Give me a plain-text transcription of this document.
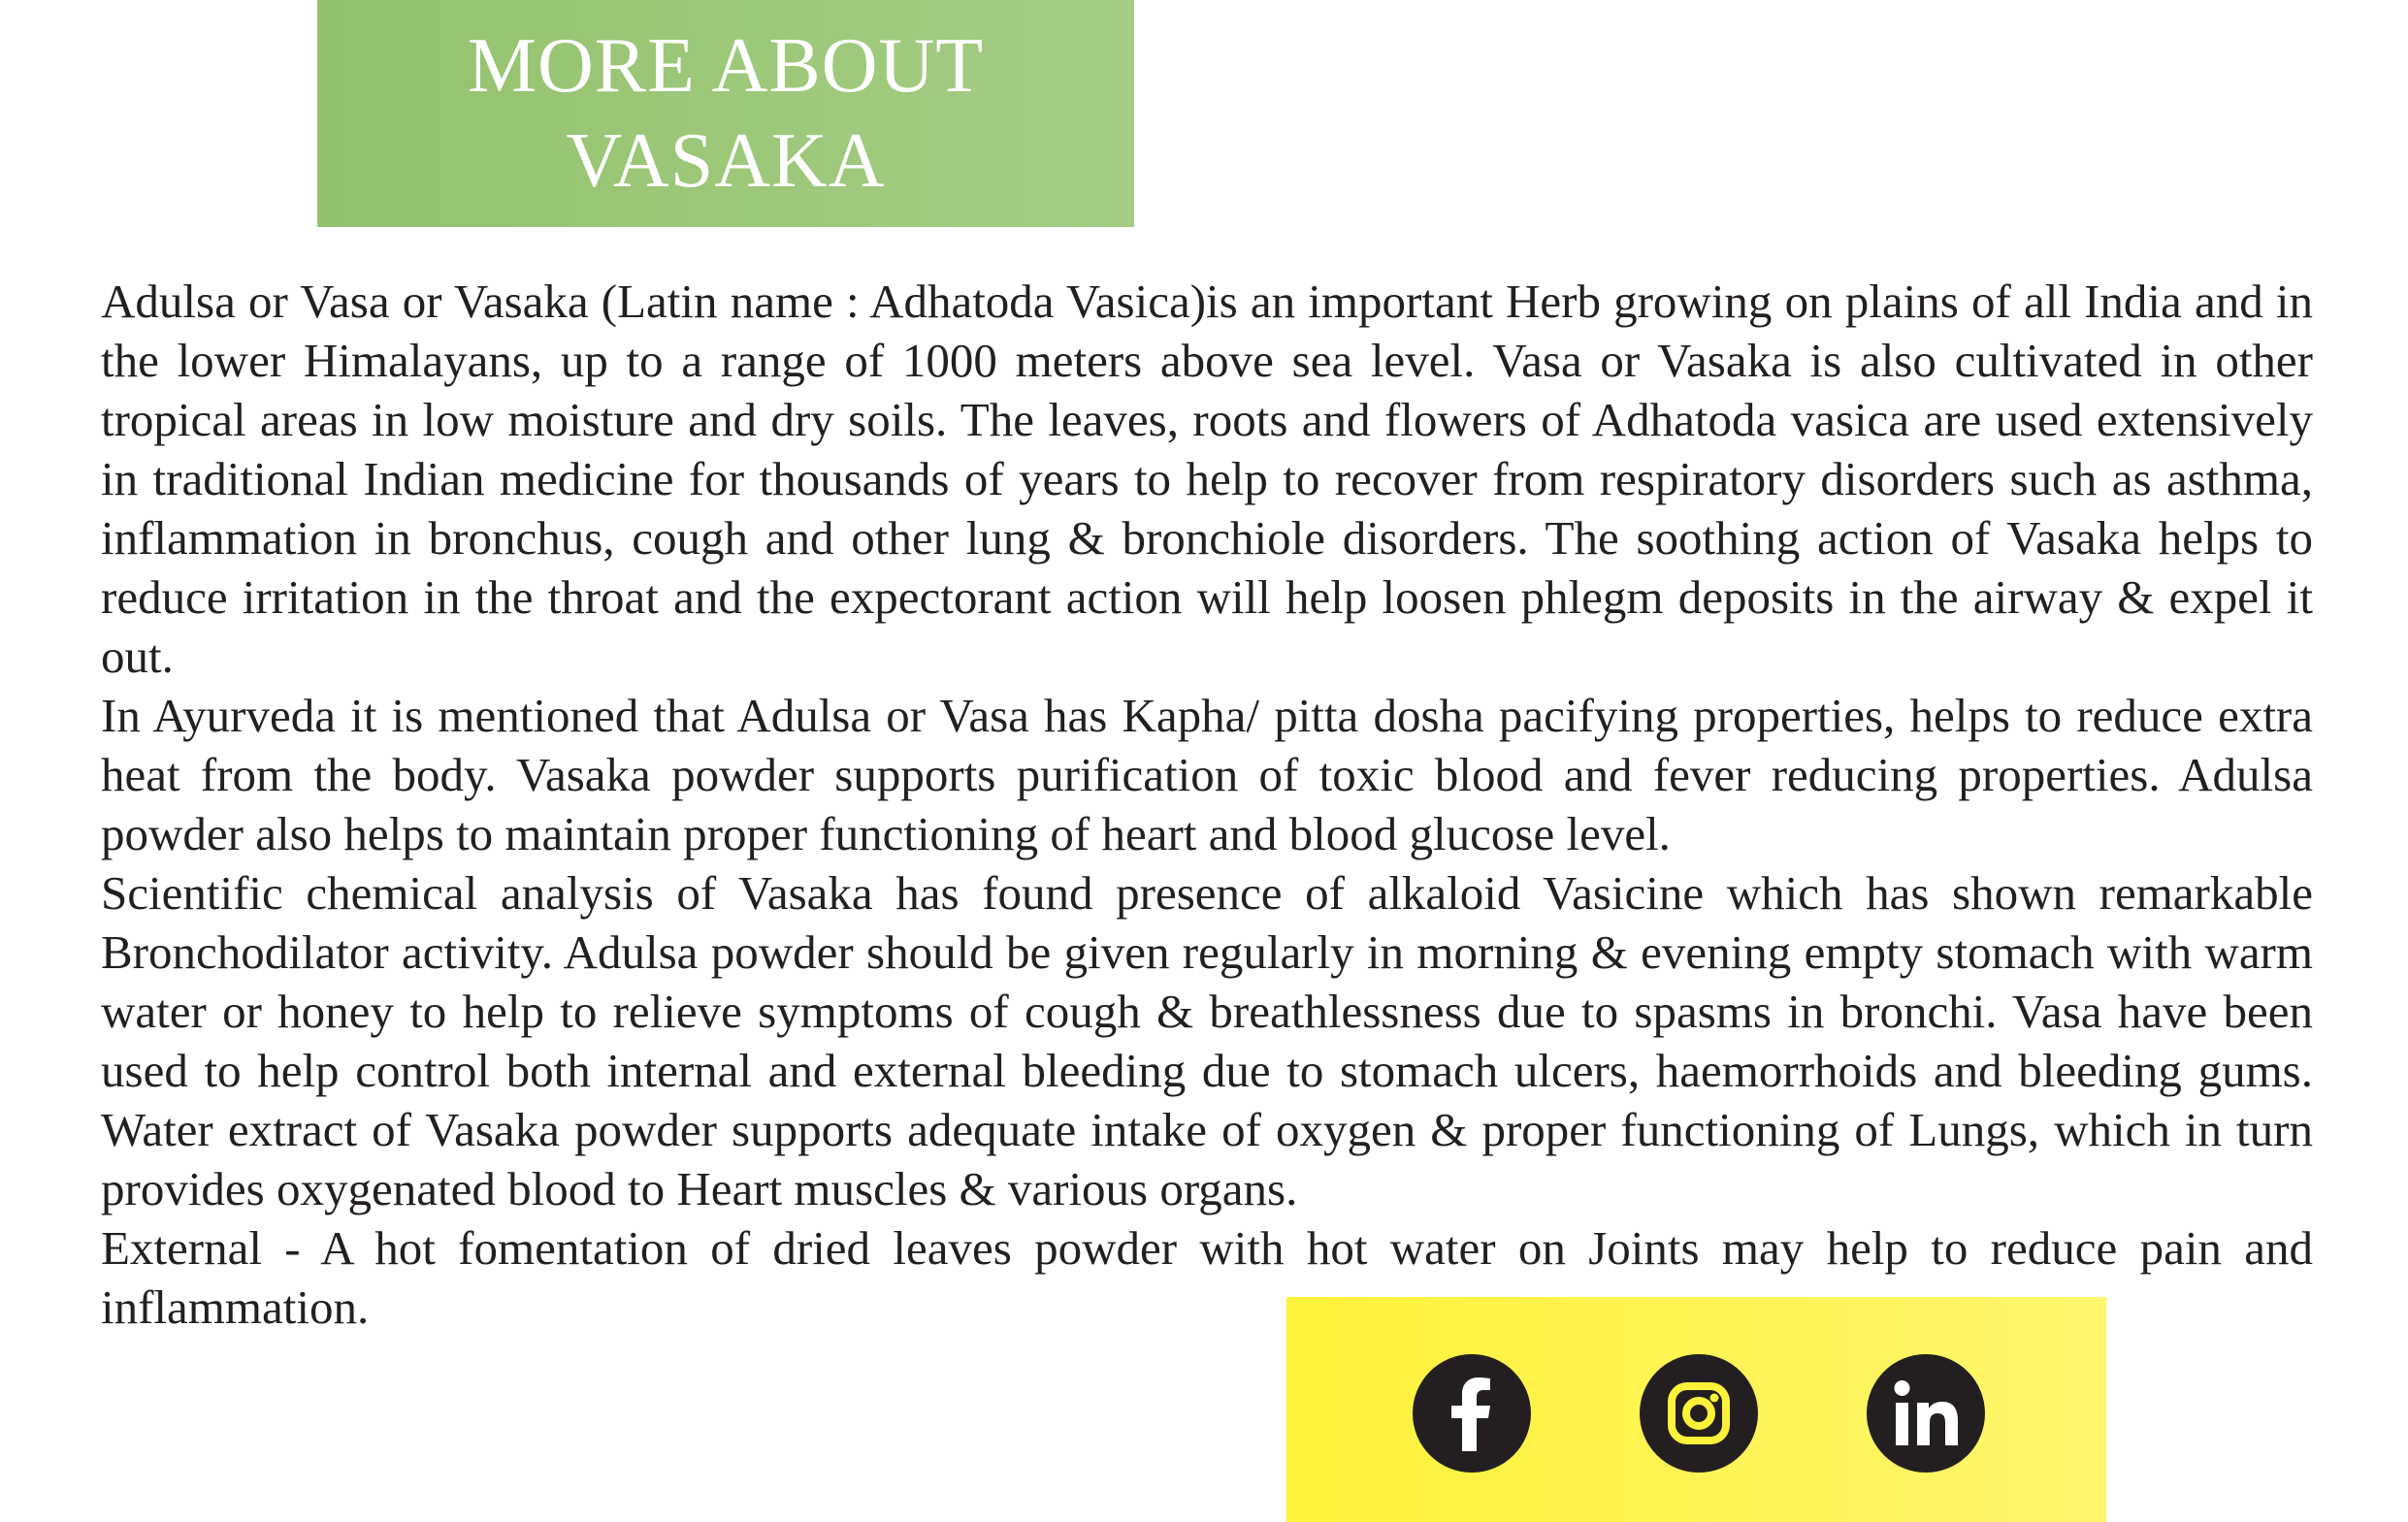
MORE ABOUT
VASAKA

Adulsa or Vasa or Vasaka (Latin name : Adhatoda Vasica)is an important Herb growing on plains of all India and in the lower Himalayans, up to a range of 1000 meters above sea level. Vasa or Vasaka is also cultivated in other tropical areas in low moisture and dry soils. The leaves, roots and flowers of Adhatoda vasica are used extensively in traditional Indian medicine for thousands of years to help to recover from respiratory disorders such as asthma, inflammation in bronchus, cough and other lung & bronchiole disorders. The soothing action of Vasaka helps to reduce irritation in the throat and the expectorant action will help loosen phlegm deposits in the airway & expel it out.

In Ayurveda it is mentioned that Adulsa or Vasa has Kapha/ pitta dosha pacifying properties, helps to reduce extra heat from the body. Vasaka powder supports purification of toxic blood and fever reducing properties. Adulsa powder also helps to maintain proper functioning of heart and blood glucose level.

Scientific chemical analysis of Vasaka has found presence of alkaloid Vasicine which has shown remarkable Bronchodilator activity. Adulsa powder should be given regularly in morning & evening empty stomach with warm water or honey to help to relieve symptoms of cough & breathlessness due to spasms in bronchi. Vasa have been used to help control both internal and external bleeding due to stomach ulcers, haemorrhoids and bleeding gums. Water extract of Vasaka powder supports adequate intake of oxygen & proper functioning of Lungs, which in turn provides oxygenated blood to Heart muscles & various organs.

External - A hot fomentation of dried leaves powder with hot water on Joints may help to reduce pain and inflammation.
